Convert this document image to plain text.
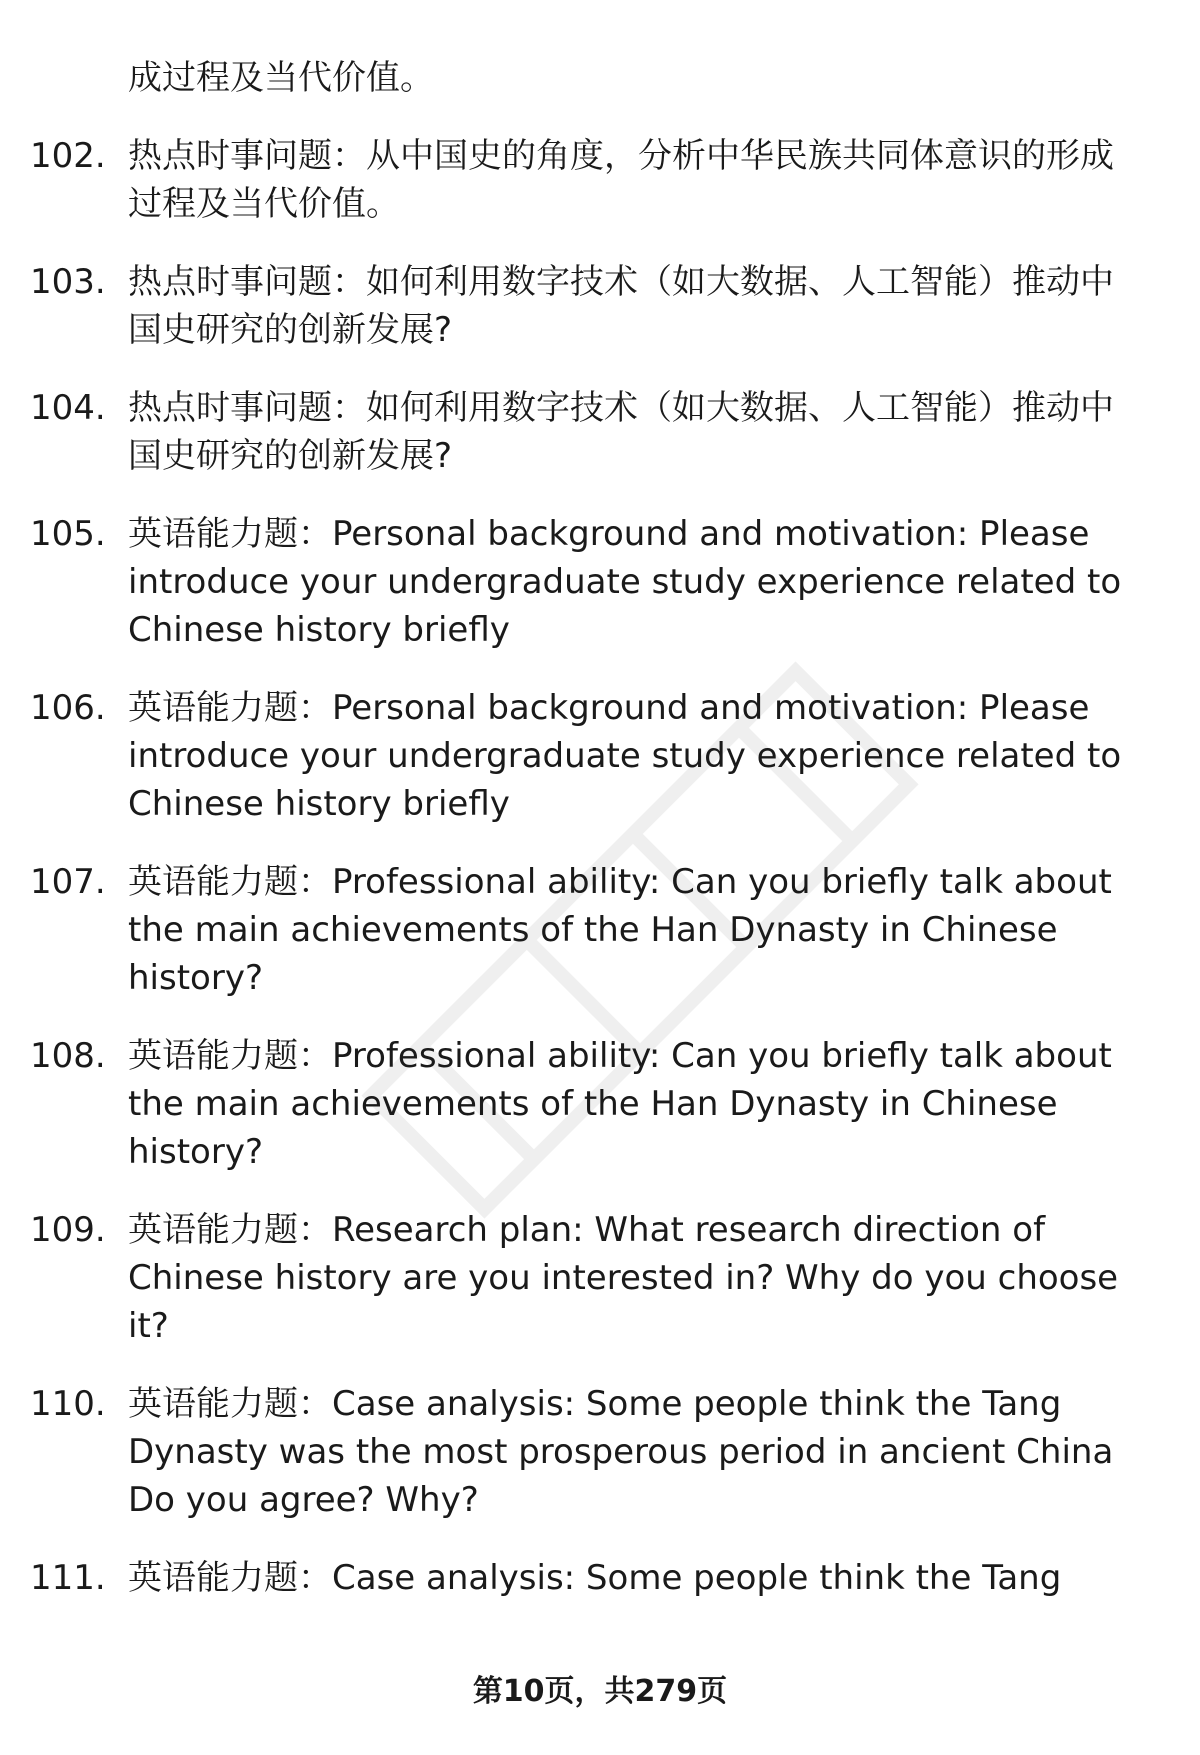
成过程及当代价值。

102. 热点时事问题：从中国史的角度，分析中华民族共同体意识的形成过程及当代价值。
103. 热点时事问题：如何利用数字技术（如大数据、人工智能）推动中国史研究的创新发展?
104. 热点时事问题：如何利用数字技术（如大数据、人工智能）推动中国史研究的创新发展?
105. 英语能力题：Personal background and motivation: Please introduce your undergraduate study experience related to Chinese history briefly
106. 英语能力题：Personal background and motivation: Please introduce your undergraduate study experience related to Chinese history briefly
107. 英语能力题：Professional ability: Can you briefly talk about the main achievements of the Han Dynasty in Chinese history?
108. 英语能力题：Professional ability: Can you briefly talk about the main achievements of the Han Dynasty in Chinese history?
109. 英语能力题：Research plan: What research direction of Chinese history are you interested in? Why do you choose it?
110. 英语能力题：Case analysis: Some people think the Tang Dynasty was the most prosperous period in ancient China Do you agree? Why?
111. 英语能力题：Case analysis: Some people think the Tang
第10页，共279页
